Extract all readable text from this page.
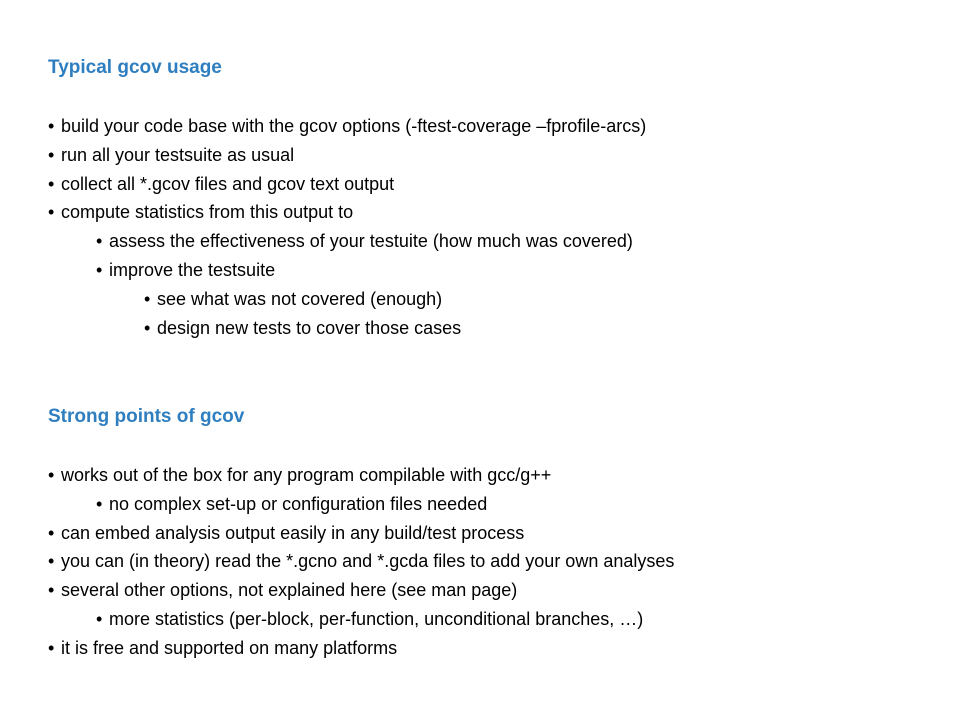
Typical gcov usage
• build your code base with the gcov options (-ftest-coverage –fprofile-arcs)
• run all your testsuite as usual
• collect all *.gcov files and gcov text output
• compute statistics from this output to
• assess the effectiveness of your testuite (how much was covered)
• improve the testsuite
• see what was not covered (enough)
• design new tests to cover those cases
Strong points of gcov
• works out of the box for any program compilable with gcc/g++
• no complex set-up or configuration files needed
• can embed analysis output easily in any build/test process
• you can (in theory) read the *.gcno and *.gcda files to add your own analyses
• several other options, not explained here (see man page)
• more statistics (per-block, per-function, unconditional branches, …)
• it is free and supported on many platforms
